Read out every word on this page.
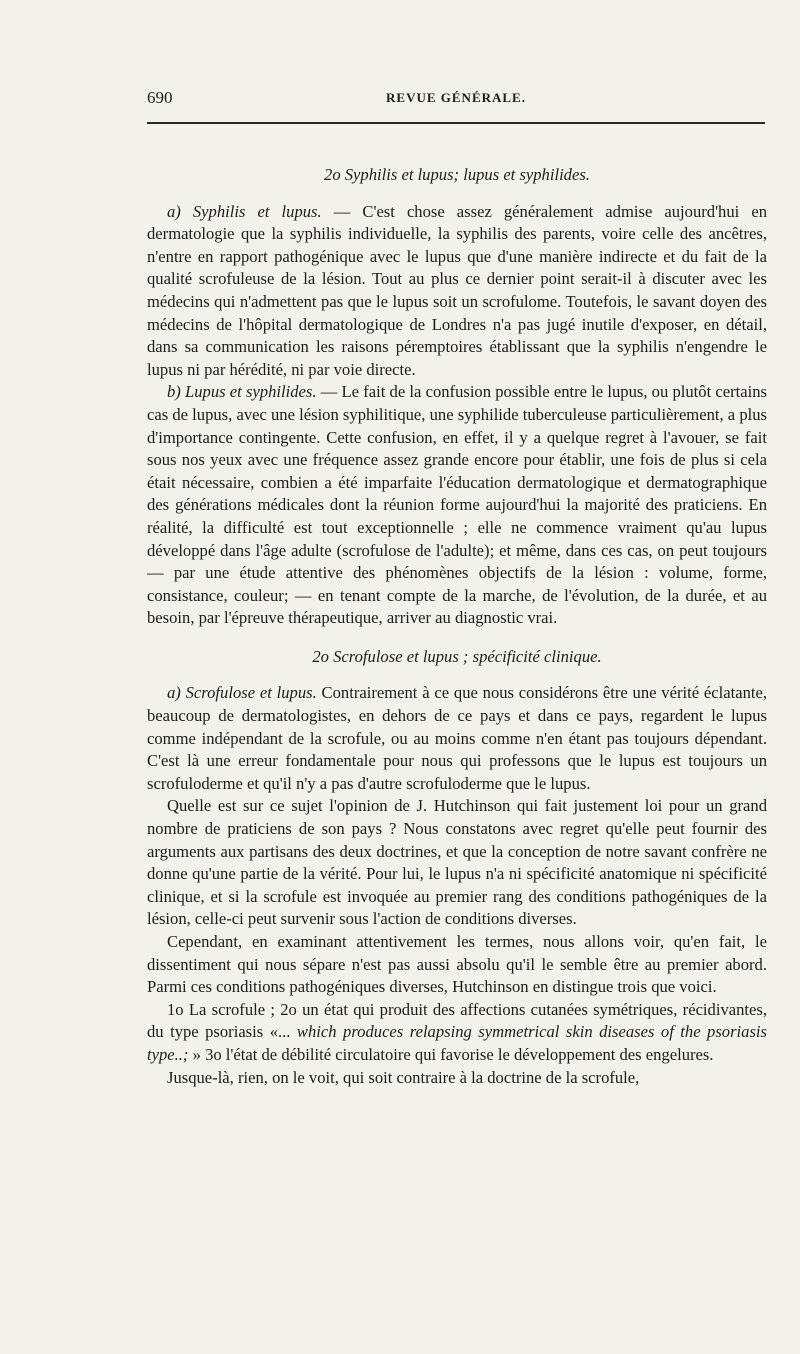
690	REVUE GÉNÉRALE.
2o Syphilis et lupus; lupus et syphilides.

a) Syphilis et lupus. — C'est chose assez généralement admise aujourd'hui en dermatologie que la syphilis individuelle, la syphilis des parents, voire celle des ancêtres, n'entre en rapport pathogénique avec le lupus que d'une manière indirecte et du fait de la qualité scrofuleuse de la lésion. Tout au plus ce dernier point serait-il à discuter avec les médecins qui n'admettent pas que le lupus soit un scrofulome. Toutefois, le savant doyen des médecins de l'hôpital dermatologique de Londres n'a pas jugé inutile d'exposer, en détail, dans sa communication les raisons péremptoires établissant que la syphilis n'engendre le lupus ni par hérédité, ni par voie directe.

b) Lupus et syphilides. — Le fait de la confusion possible entre le lupus, ou plutôt certains cas de lupus, avec une lésion syphilitique, une syphilide tuberculeuse particulièrement, a plus d'importance contingente. Cette confusion, en effet, il y a quelque regret à l'avouer, se fait sous nos yeux avec une fréquence assez grande encore pour établir, une fois de plus si cela était nécessaire, combien a été imparfaite l'éducation dermatologique et dermatographique des générations médicales dont la réunion forme aujourd'hui la majorité des praticiens. En réalité, la difficulté est tout exceptionnelle ; elle ne commence vraiment qu'au lupus développé dans l'âge adulte (scrofulose de l'adulte); et même, dans ces cas, on peut toujours — par une étude attentive des phénomènes objectifs de la lésion : volume, forme, consistance, couleur; — en tenant compte de la marche, de l'évolution, de la durée, et au besoin, par l'épreuve thérapeutique, arriver au diagnostic vrai.

2o Scrofulose et lupus ; spécificité clinique.

a) Scrofulose et lupus. Contrairement à ce que nous considérons être une vérité éclatante, beaucoup de dermatologistes, en dehors de ce pays et dans ce pays, regardent le lupus comme indépendant de la scrofule, ou au moins comme n'en étant pas toujours dépendant. C'est là une erreur fondamentale pour nous qui professons que le lupus est toujours un scrofuloderme et qu'il n'y a pas d'autre scrofuloderme que le lupus.

Quelle est sur ce sujet l'opinion de J. Hutchinson qui fait justement loi pour un grand nombre de praticiens de son pays ? Nous constatons avec regret qu'elle peut fournir des arguments aux partisans des deux doctrines, et que la conception de notre savant confrère ne donne qu'une partie de la vérité. Pour lui, le lupus n'a ni spécificité anatomique ni spécificité clinique, et si la scrofule est invoquée au premier rang des conditions pathogéniques de la lésion, celle-ci peut survenir sous l'action de conditions diverses.

Cependant, en examinant attentivement les termes, nous allons voir, qu'en fait, le dissentiment qui nous sépare n'est pas aussi absolu qu'il le semble être au premier abord. Parmi ces conditions pathogéniques diverses, Hutchinson en distingue trois que voici.

1o La scrofule ; 2o un état qui produit des affections cutanées symétriques, récidivantes, du type psoriasis «... which produces relapsing symmetrical skin diseases of the psoriasis type..; » 3o l'état de débilité circulatoire qui favorise le développement des engelures.

Jusque-là, rien, on le voit, qui soit contraire à la doctrine de la scrofule,
